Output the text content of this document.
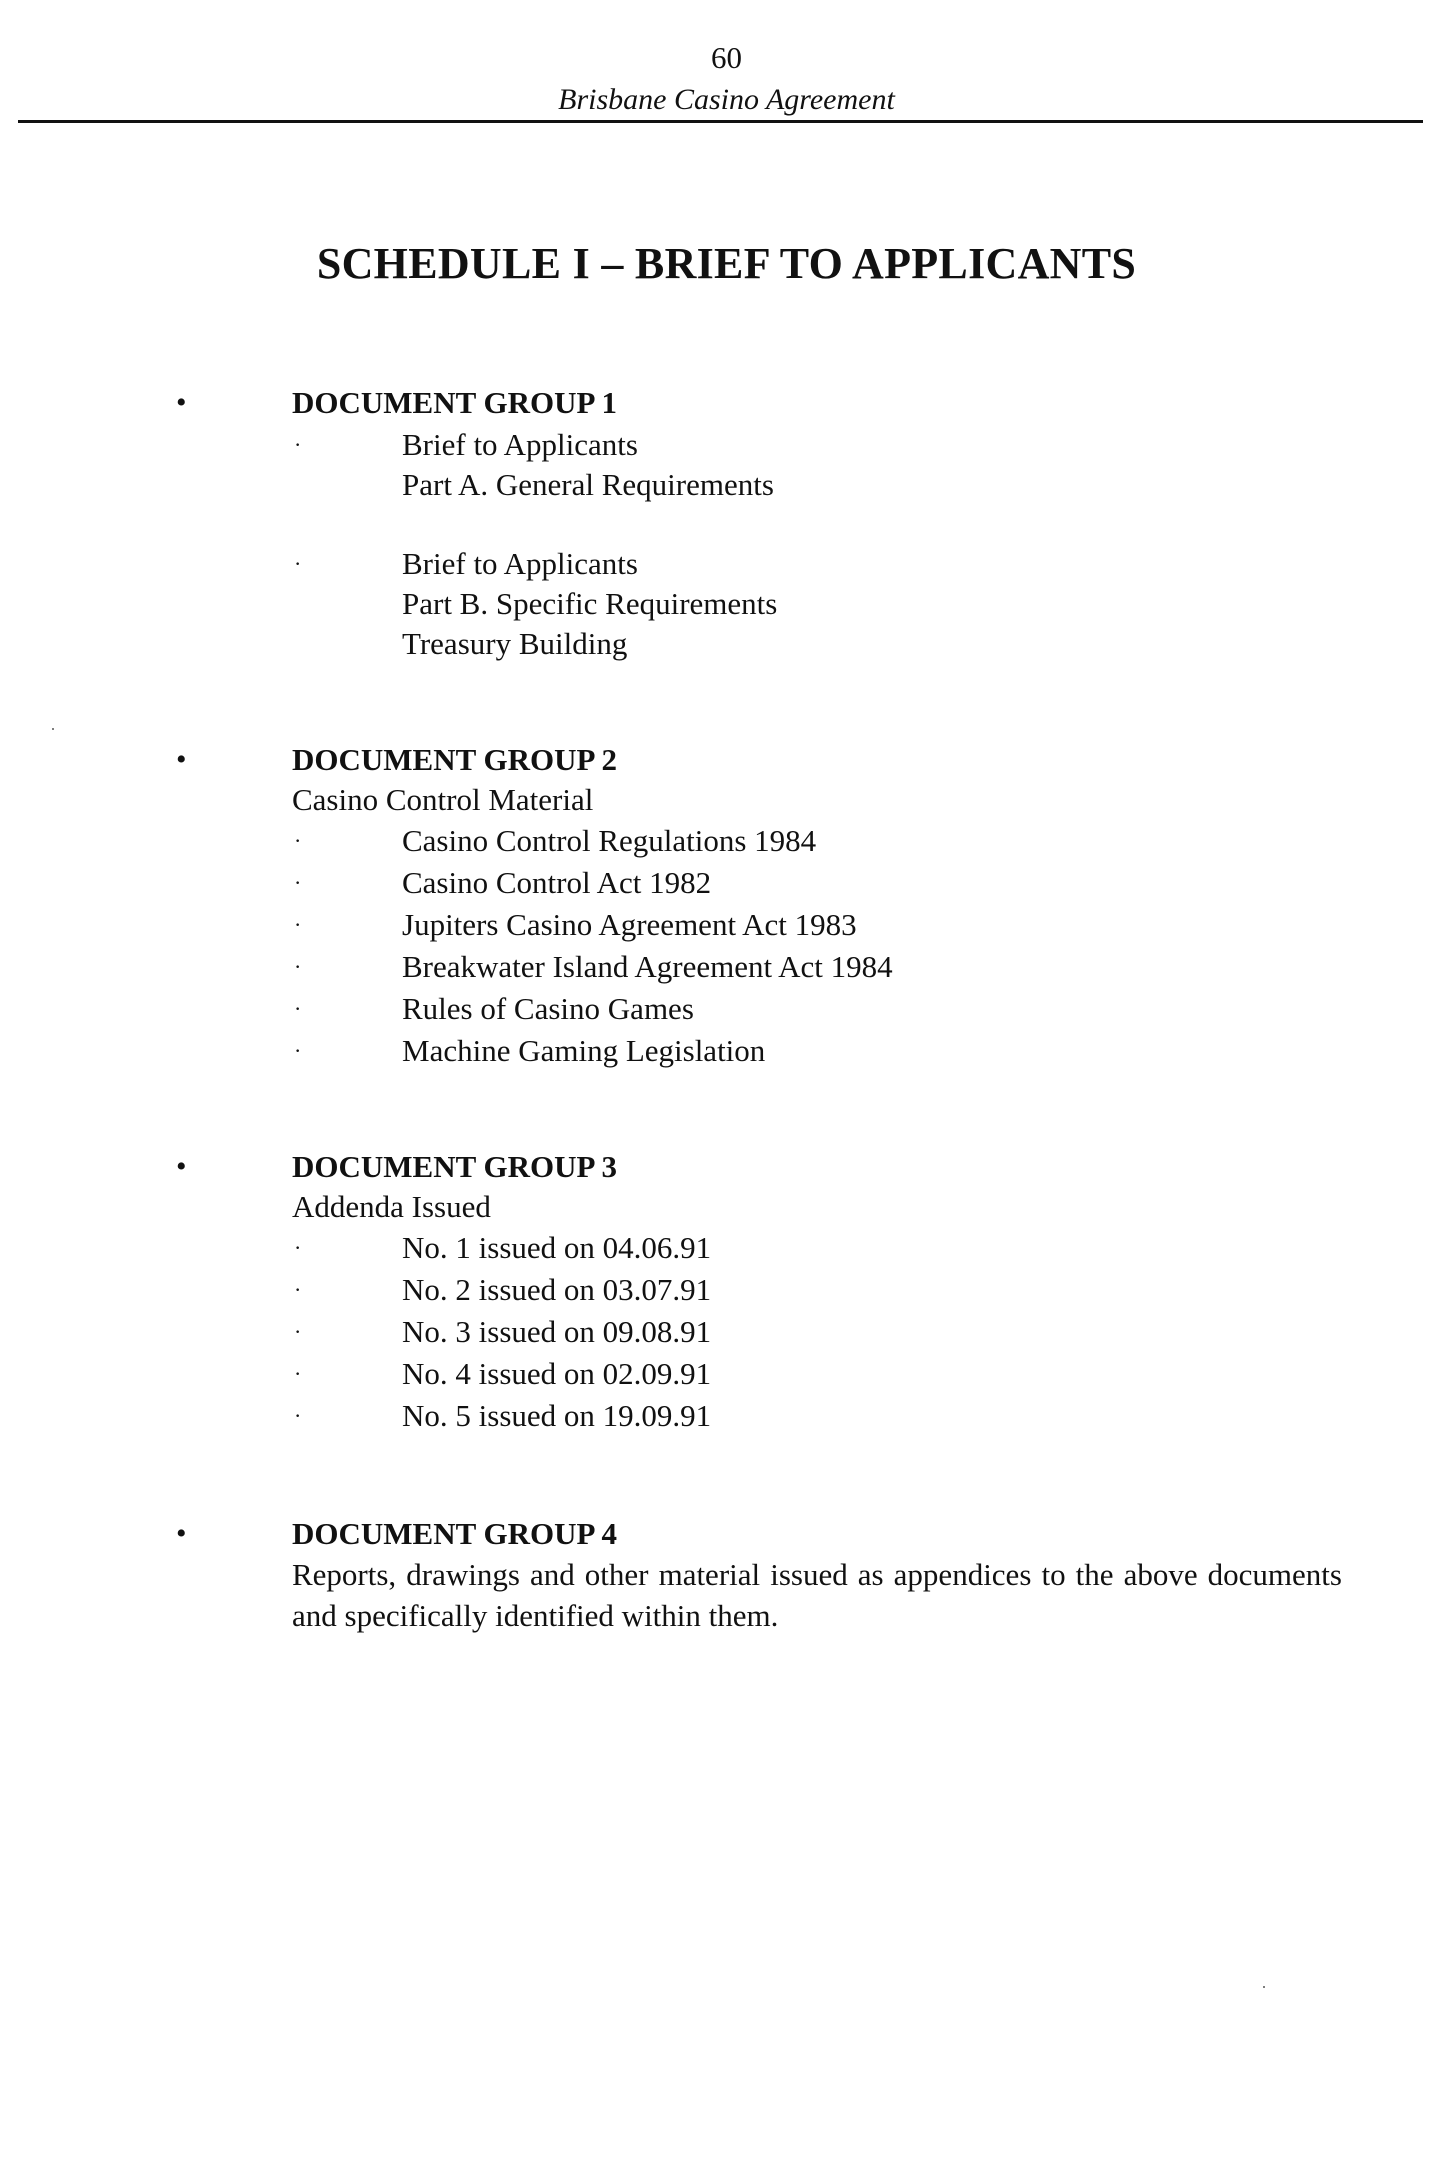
60
Brisbane Casino Agreement
SCHEDULE I – BRIEF TO APPLICANTS
•	DOCUMENT GROUP 1
·	Brief to Applicants
Part A. General Requirements
·	Brief to Applicants
Part B. Specific Requirements
Treasury Building
•	DOCUMENT GROUP 2
Casino Control Material
·	Casino Control Regulations 1984
·	Casino Control Act 1982
·	Jupiters Casino Agreement Act 1983
·	Breakwater Island Agreement Act 1984
·	Rules of Casino Games
·	Machine Gaming Legislation
•	DOCUMENT GROUP 3
Addenda Issued
·	No. 1 issued on 04.06.91
·	No. 2 issued on 03.07.91
·	No. 3 issued on 09.08.91
·	No. 4 issued on 02.09.91
·	No. 5 issued on 19.09.91
•	DOCUMENT GROUP 4
Reports, drawings and other material issued as appendices to the above documents and specifically identified within them.
